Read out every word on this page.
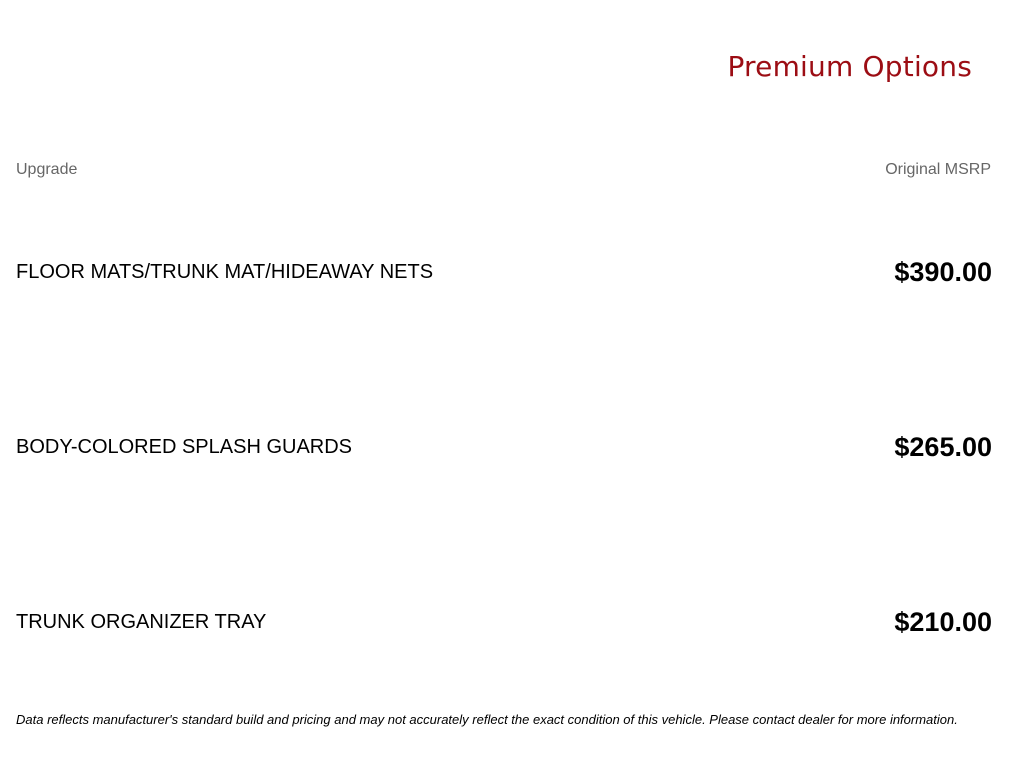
Premium Options
Upgrade	Original MSRP
FLOOR MATS/TRUNK MAT/HIDEAWAY NETS	$390.00
BODY-COLORED SPLASH GUARDS	$265.00
TRUNK ORGANIZER TRAY	$210.00
Data reflects manufacturer's standard build and pricing and may not accurately reflect the exact condition of this vehicle. Please contact dealer for more information.
